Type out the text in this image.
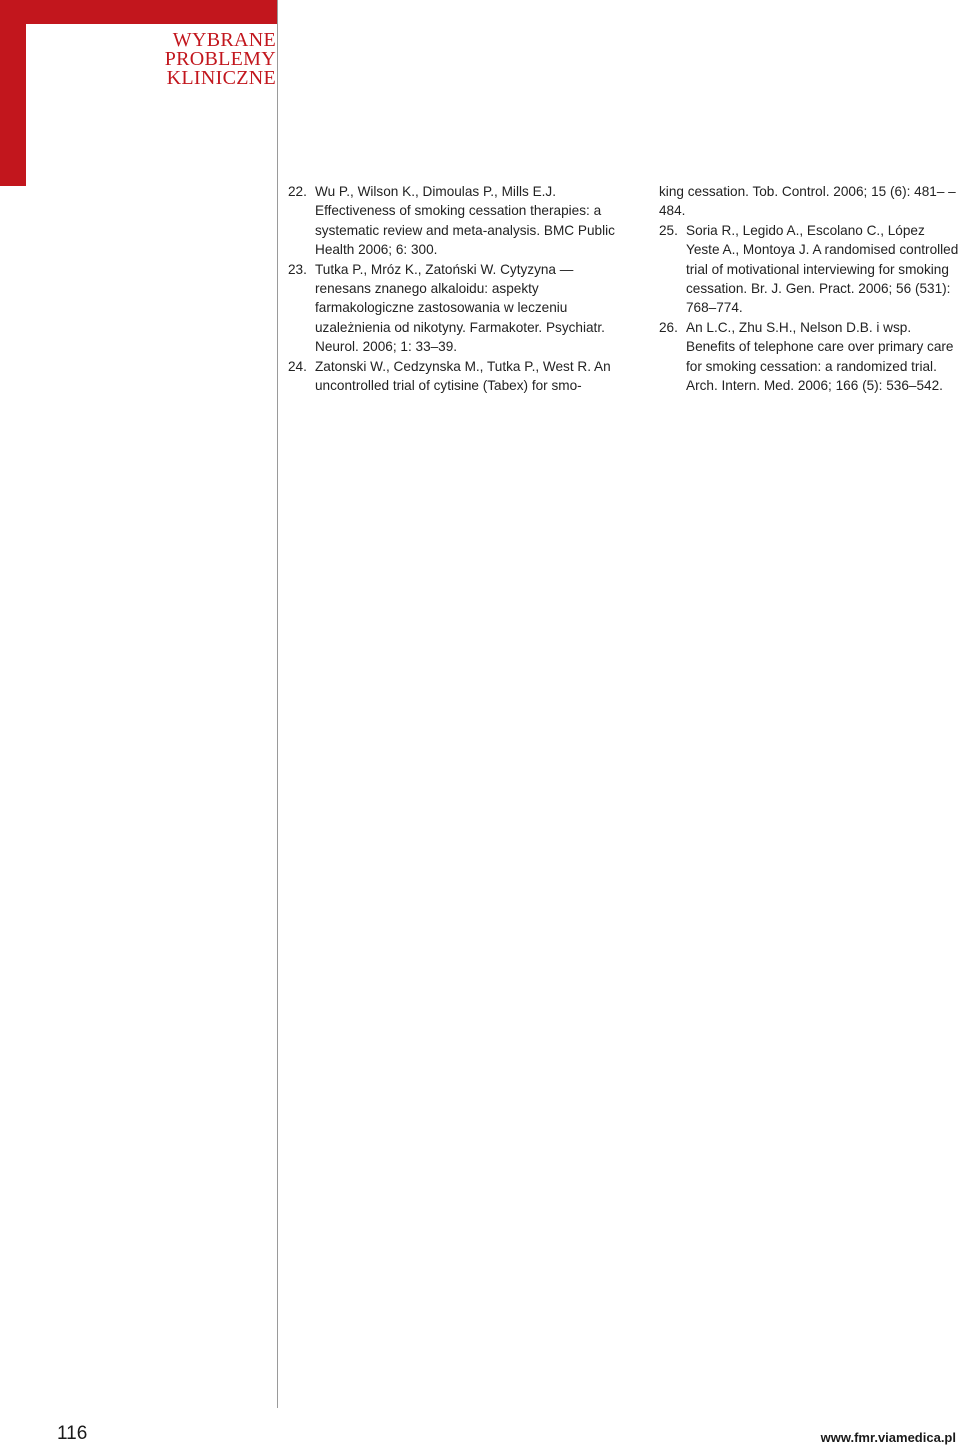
WYBRANE
PROBLEMY
KLINICZNE

22. Wu P., Wilson K., Dimoulas P., Mills E.J. Effectiveness of smoking cessation therapies: a systematic review and meta-analysis. BMC Public Health 2006; 6: 300.

23. Tutka P., Mróz K., Zatoński W. Cytyzyna — renesans znanego alkaloidu: aspekty farmakologiczne zastosowania w leczeniu uzależnienia od nikotyny. Farmakoter. Psychiatr. Neurol. 2006; 1: 33–39.

24. Zatonski W., Cedzynska M., Tutka P., West R. An uncontrolled trial of cytisine (Tabex) for smo-

king cessation. Tob. Control. 2006; 15 (6): 481– –484.

25. Soria R., Legido A., Escolano C., López Yeste A., Montoya J. A randomised controlled trial of motivational interviewing for smoking cessation. Br. J. Gen. Pract. 2006; 56 (531): 768–774.

26. An L.C., Zhu S.H., Nelson D.B. i wsp. Benefits of telephone care over primary care for smoking cessation: a randomized trial. Arch. Intern. Med. 2006; 166 (5): 536–542.

116	www.fmr.viamedica.pl
